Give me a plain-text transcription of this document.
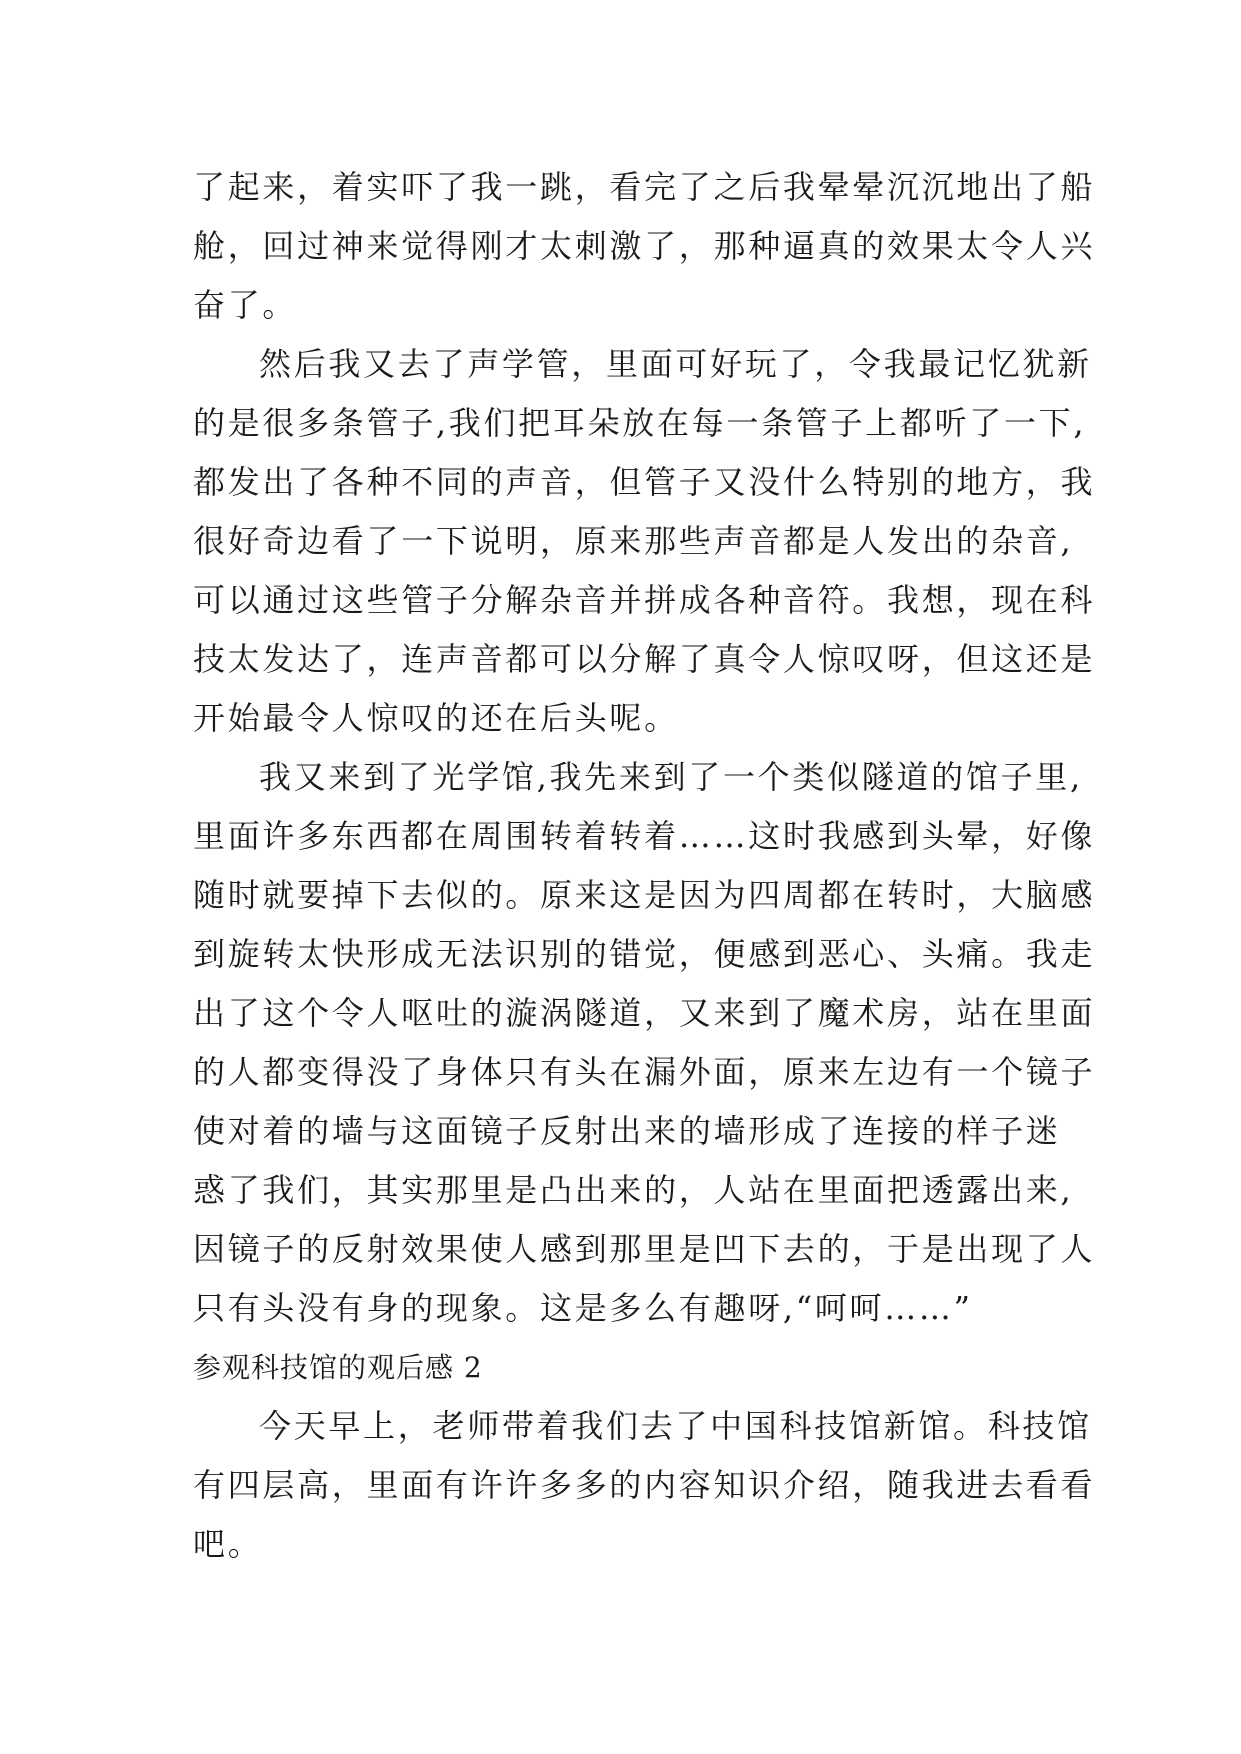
了起来，着实吓了我一跳，看完了之后我晕晕沉沉地出了船
舱，回过神来觉得刚才太刺激了，那种逼真的效果太令人兴
奋了。
然后我又去了声学管，里面可好玩了，令我最记忆犹新
的是很多条管子,我们把耳朵放在每一条管子上都听了一下,
都发出了各种不同的声音，但管子又没什么特别的地方，我
很好奇边看了一下说明，原来那些声音都是人发出的杂音,
可以通过这些管子分解杂音并拼成各种音符。我想，现在科
技太发达了，连声音都可以分解了真令人惊叹呀，但这还是
开始最令人惊叹的还在后头呢。
我又来到了光学馆,我先来到了一个类似隧道的馆子里,
里面许多东西都在周围转着转着……这时我感到头晕，好像
随时就要掉下去似的。原来这是因为四周都在转时，大脑感
到旋转太快形成无法识别的错觉，便感到恶心、头痛。我走
出了这个令人呕吐的漩涡隧道，又来到了魔术房，站在里面
的人都变得没了身体只有头在漏外面，原来左边有一个镜子
使对着的墙与这面镜子反射出来的墙形成了连接的样子迷
惑了我们，其实那里是凸出来的，人站在里面把透露出来,
因镜子的反射效果使人感到那里是凹下去的，于是出现了人
只有头没有身的现象。这是多么有趣呀,“呵呵……”
参观科技馆的观后感 2
今天早上，老师带着我们去了中国科技馆新馆。科技馆
有四层高，里面有许许多多的内容知识介绍，随我进去看看
吧。
